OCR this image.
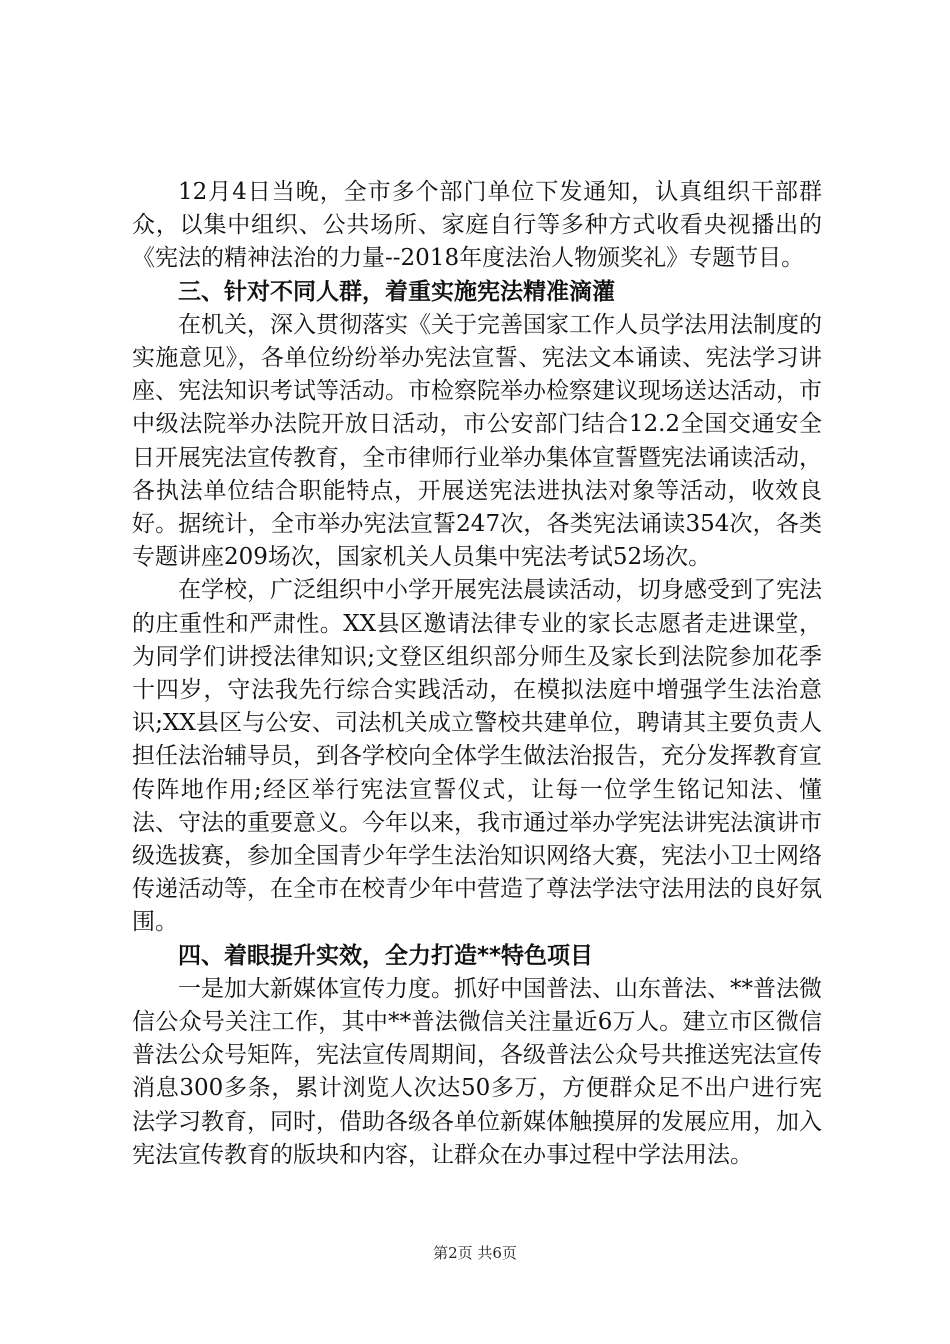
12月4日当晚，全市多个部门单位下发通知，认真组织干部群众，以集中组织、公共场所、家庭自行等多种方式收看央视播出的《宪法的精神法治的力量--2018年度法治人物颁奖礼》专题节目。

三、针对不同人群，着重实施宪法精准滴灌

在机关，深入贯彻落实《关于完善国家工作人员学法用法制度的实施意见》，各单位纷纷举办宪法宣誓、宪法文本诵读、宪法学习讲座、宪法知识考试等活动。市检察院举办检察建议现场送达活动，市中级法院举办法院开放日活动，市公安部门结合12.2全国交通安全日开展宪法宣传教育，全市律师行业举办集体宣誓暨宪法诵读活动，各执法单位结合职能特点，开展送宪法进执法对象等活动，收效良好。据统计，全市举办宪法宣誓247次，各类宪法诵读354次，各类专题讲座209场次，国家机关人员集中宪法考试52场次。

在学校，广泛组织中小学开展宪法晨读活动，切身感受到了宪法的庄重性和严肃性。XX县区邀请法律专业的家长志愿者走进课堂，为同学们讲授法律知识;文登区组织部分师生及家长到法院参加花季十四岁，守法我先行综合实践活动，在模拟法庭中增强学生法治意识;XX县区与公安、司法机关成立警校共建单位，聘请其主要负责人担任法治辅导员，到各学校向全体学生做法治报告，充分发挥教育宣传阵地作用;经区举行宪法宣誓仪式，让每一位学生铭记知法、懂法、守法的重要意义。今年以来，我市通过举办学宪法讲宪法演讲市级选拔赛，参加全国青少年学生法治知识网络大赛，宪法小卫士网络传递活动等，在全市在校青少年中营造了尊法学法守法用法的良好氛围。

四、着眼提升实效，全力打造**特色项目

一是加大新媒体宣传力度。抓好中国普法、山东普法、**普法微信公众号关注工作，其中**普法微信关注量近6万人。建立市区微信普法公众号矩阵，宪法宣传周期间，各级普法公众号共推送宪法宣传消息300多条，累计浏览人次达50多万，方便群众足不出户进行宪法学习教育，同时，借助各级各单位新媒体触摸屏的发展应用，加入宪法宣传教育的版块和内容，让群众在办事过程中学法用法。

第2页 共6页
